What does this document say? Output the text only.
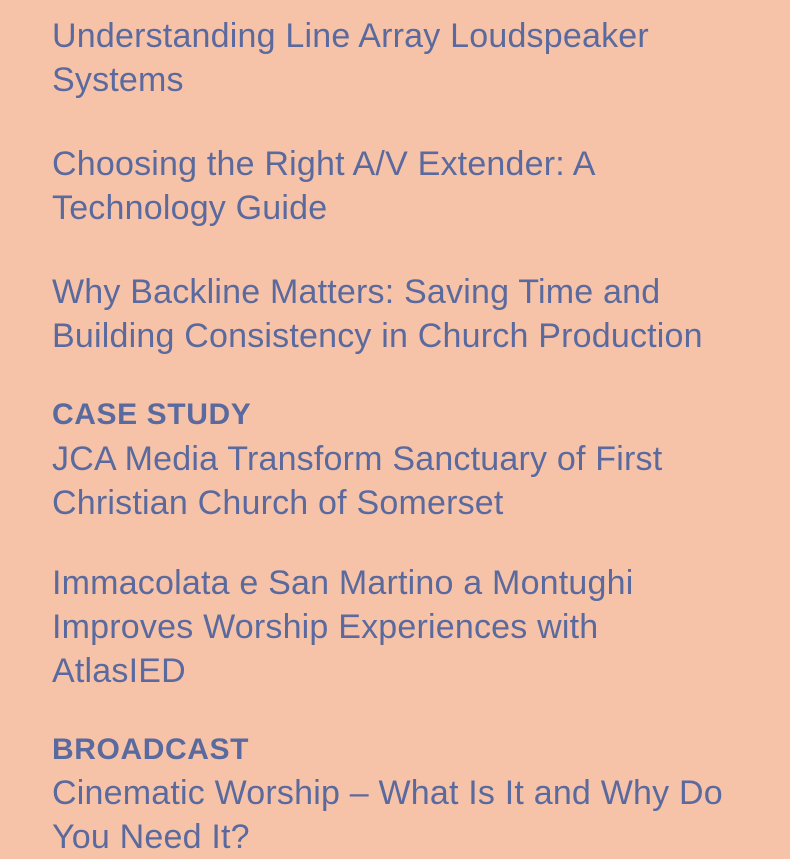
Understanding Line Array Loudspeaker Systems
Choosing the Right A/V Extender: A Technology Guide
Why Backline Matters: Saving Time and Building Consistency in Church Production
CASE STUDY
JCA Media Transform Sanctuary of First Christian Church of Somerset
Immacolata e San Martino a Montughi Improves Worship Experiences with AtlasIED
BROADCAST
Cinematic Worship – What Is It and Why Do You Need It?
